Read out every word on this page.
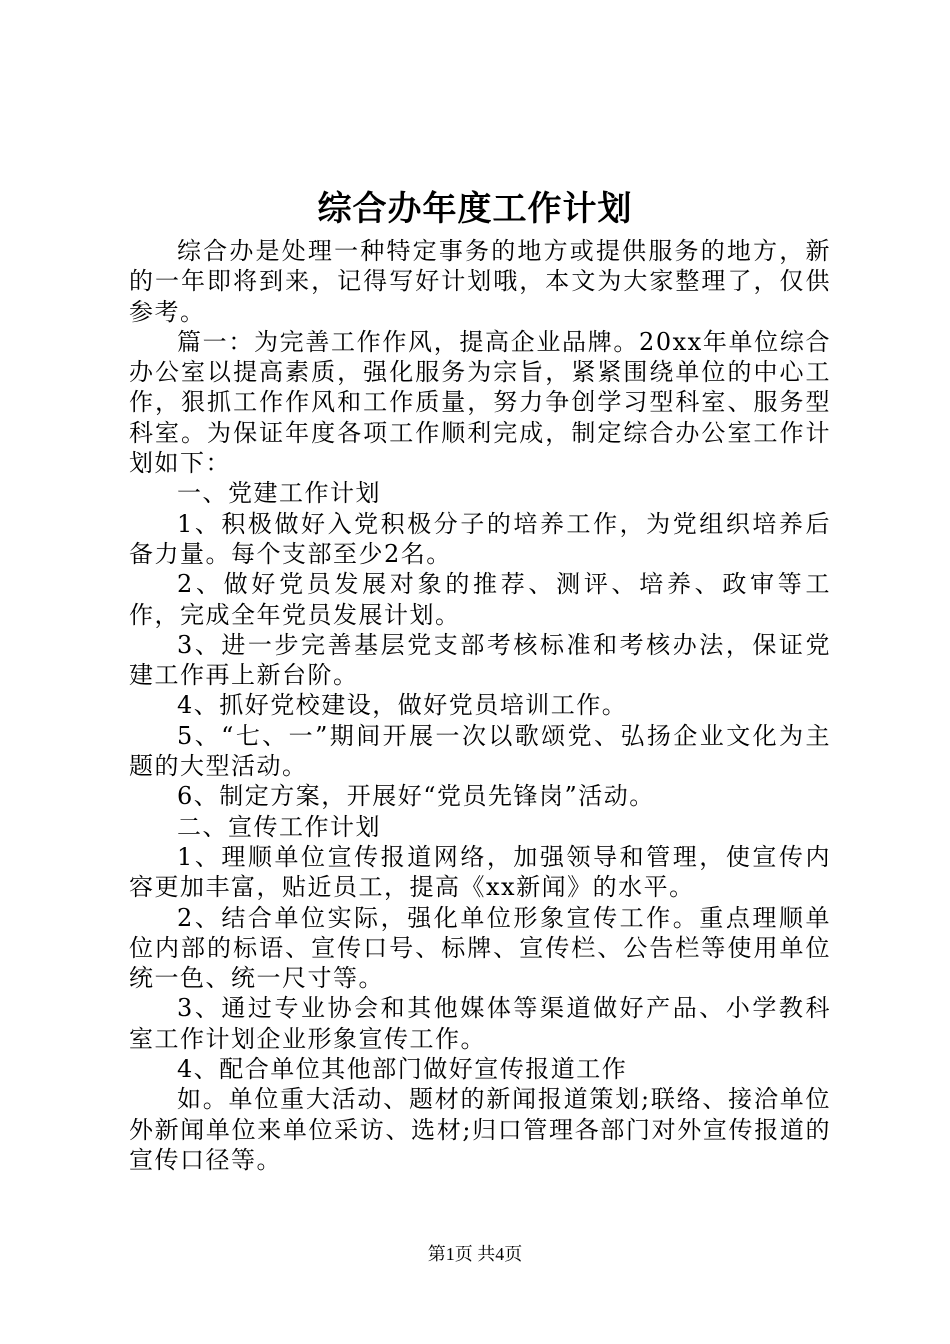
综合办年度工作计划

综合办是处理一种特定事务的地方或提供服务的地方，新的一年即将到来，记得写好计划哦，本文为大家整理了，仅供参考。

篇一：为完善工作作风，提高企业品牌。20xx年单位综合办公室以提高素质，强化服务为宗旨，紧紧围绕单位的中心工作，狠抓工作作风和工作质量，努力争创学习型科室、服务型科室。为保证年度各项工作顺利完成，制定综合办公室工作计划如下：

一、党建工作计划

1、积极做好入党积极分子的培养工作，为党组织培养后备力量。每个支部至少2名。

2、做好党员发展对象的推荐、测评、培养、政审等工作，完成全年党员发展计划。

3、进一步完善基层党支部考核标准和考核办法，保证党建工作再上新台阶。

4、抓好党校建设，做好党员培训工作。

5、“七、一”期间开展一次以歌颂党、弘扬企业文化为主题的大型活动。

6、制定方案，开展好“党员先锋岗”活动。

二、宣传工作计划

1、理顺单位宣传报道网络，加强领导和管理，使宣传内容更加丰富，贴近员工，提高《xx新闻》的水平。

2、结合单位实际，强化单位形象宣传工作。重点理顺单位内部的标语、宣传口号、标牌、宣传栏、公告栏等使用单位统一色、统一尺寸等。

3、通过专业协会和其他媒体等渠道做好产品、小学教科室工作计划企业形象宣传工作。

4、配合单位其他部门做好宣传报道工作

如。单位重大活动、题材的新闻报道策划;联络、接洽单位外新闻单位来单位采访、选材;归口管理各部门对外宣传报道的宣传口径等。

第1页 共4页
